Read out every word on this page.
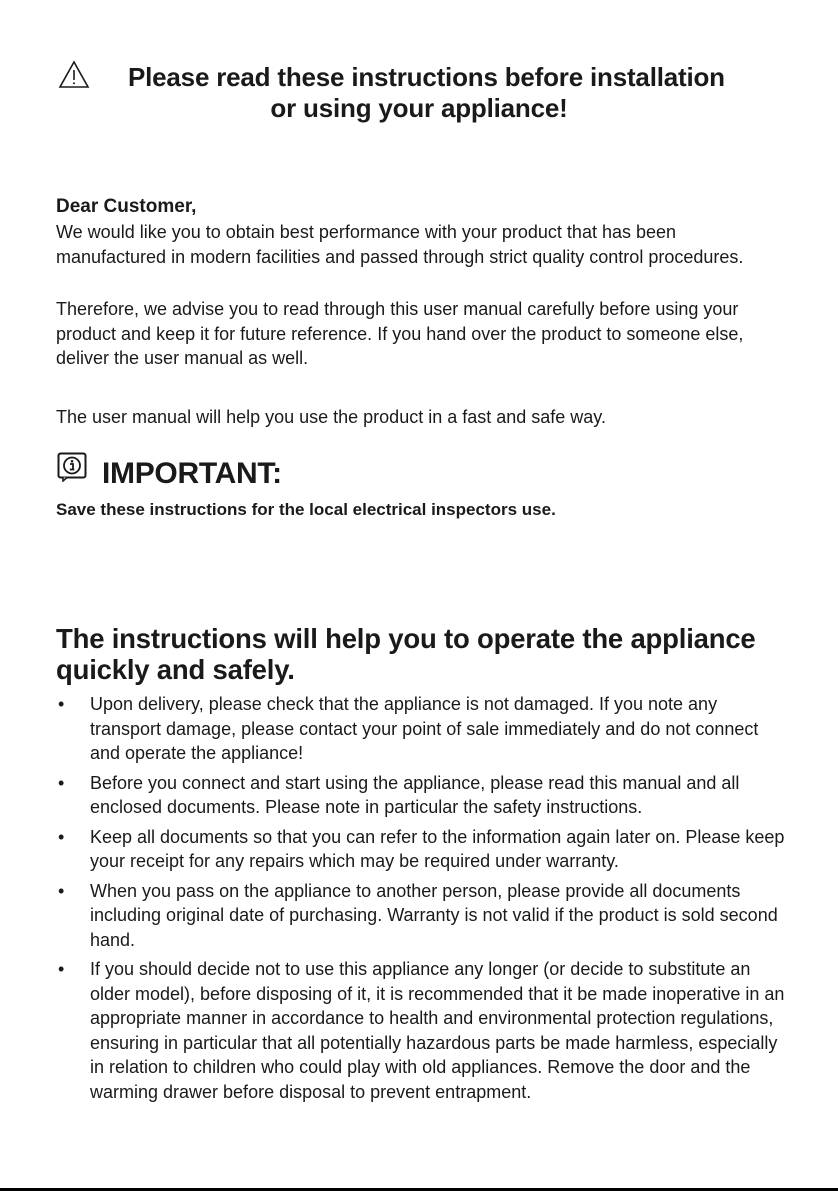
Please read these instructions before installation
or using your appliance!
Dear Customer,
We would like you to obtain best performance with your product that has been manufactured in modern facilities and passed through strict quality control procedures.
Therefore, we advise you to read through this user manual carefully before using your product and keep it for future reference. If you hand over the product to someone else, deliver the user manual as well.
The user manual will help you use the product in a fast and safe way.
IMPORTANT:
Save these instructions for the local electrical inspectors use.
The instructions will help you to operate the appliance quickly and safely.
• Upon delivery, please check that the appliance is not damaged. If you note any transport damage, please contact your point of sale immediately and do not connect and operate the appliance!
• Before you connect and start using the appliance, please read this manual and all enclosed documents. Please note in particular the safety instructions.
• Keep all documents so that you can refer to the information again later on. Please keep your receipt for any repairs which may be required under warranty.
• When you pass on the appliance to another person, please provide all documents including original date of purchasing. Warranty is not valid if the product is sold second hand.
• If you should decide not to use this appliance any longer (or decide to substitute an older model), before disposing of it, it is recommended that it be made inoperative in an appropriate manner in accordance to health and environmental protection regulations, ensuring in particular that all potentially hazardous parts be made harmless, especially in relation to children who could play with old appliances. Remove the door and the warming drawer before disposal to prevent entrapment.
